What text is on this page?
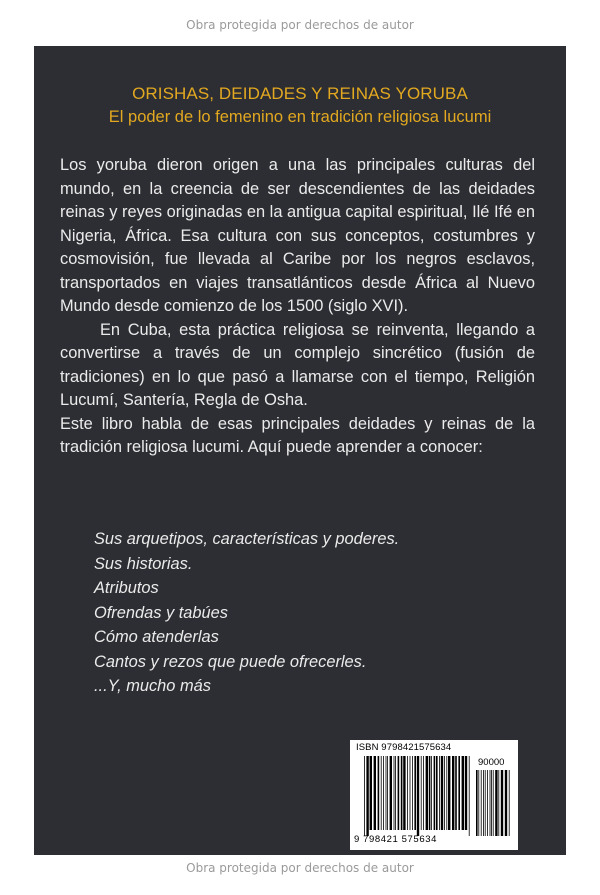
Obra protegida por derechos de autor
ORISHAS, DEIDADES Y REINAS YORUBA
El poder de lo femenino en tradición religiosa lucumi

Los yoruba dieron origen a una las principales culturas del mundo, en la creencia de ser descendientes de las deidades reinas y reyes originadas en la antigua capital espiritual, Ilé Ifé en Nigeria, África. Esa cultura con sus conceptos, costumbres y cosmovisión, fue llevada al Caribe por los negros esclavos, transportados en viajes transatlánticos desde África al Nuevo Mundo desde comienzo de los 1500 (siglo XVI).

En Cuba, esta práctica religiosa se reinventa, llegando a convertirse a través de un complejo sincrético (fusión de tradiciones) en lo que pasó a llamarse con el tiempo, Religión Lucumí, Santería, Regla de Osha.

Este libro habla de esas principales deidades y reinas de la tradición religiosa lucumi. Aquí puede aprender a conocer:

Sus arquetipos, características y poderes.
Sus historias.
Atributos
Ofrendas y tabúes
Cómo atenderlas
Cantos y rezos que puede ofrecerles.
...Y, mucho más
ISBN 9798421575634
90000
9 798421 575634
Obra protegida por derechos de autor
